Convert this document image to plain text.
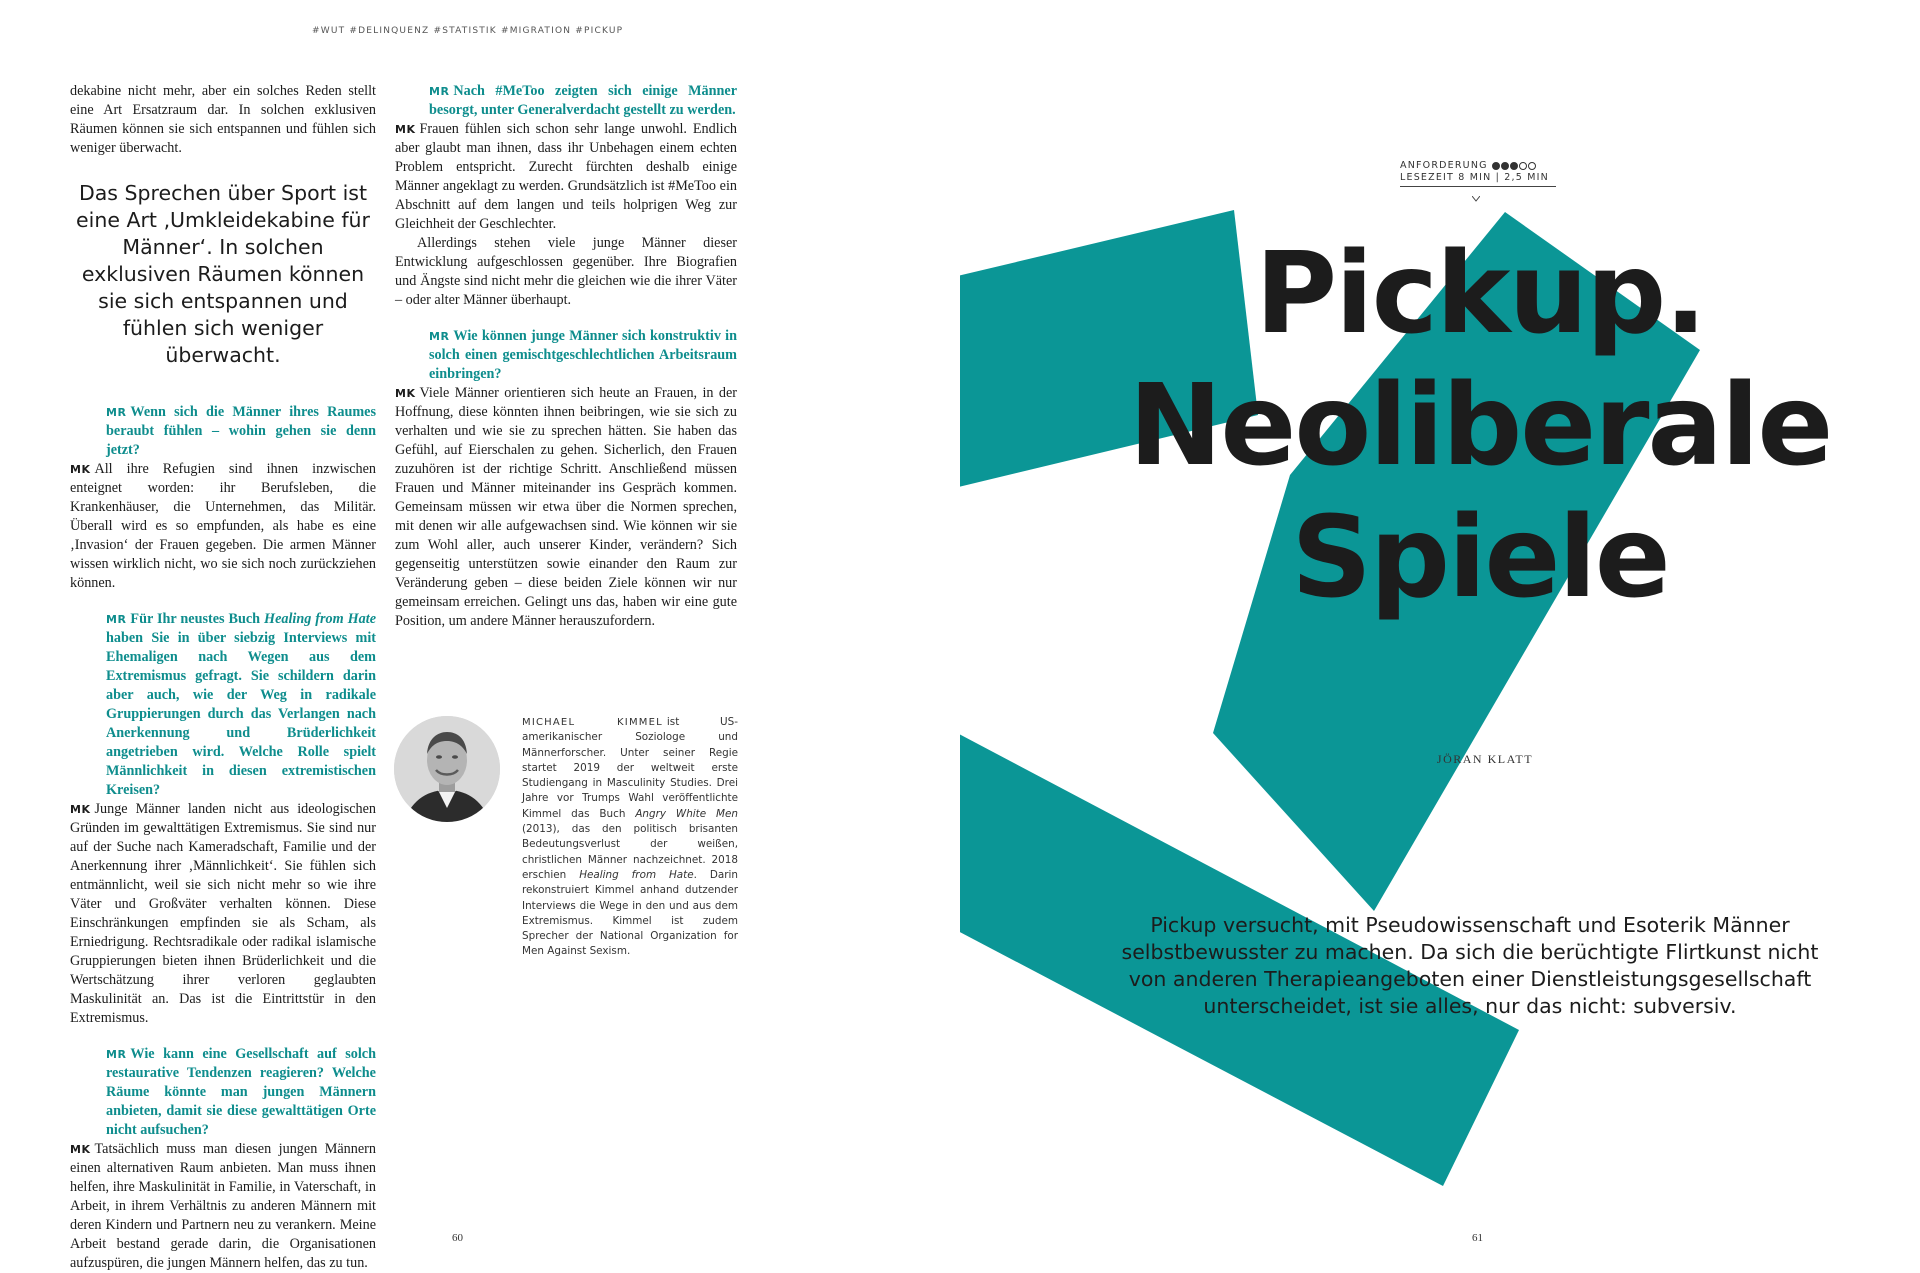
#WUT #DELINQUENZ #STATISTIK #MIGRATION #PICKUP

dekabine nicht mehr, aber ein solches Reden stellt eine Art Ersatzraum dar. In solchen exklusiven Räumen können sie sich entspannen und fühlen sich weniger überwacht.

Das Sprechen über Sport ist eine Art ‚Umkleidekabine für Männer‘. In solchen exklusiven Räumen können sie sich entspannen und fühlen sich weniger überwacht.

MR Wenn sich die Männer ihres Raumes beraubt fühlen – wohin gehen sie denn jetzt?

MK All ihre Refugien sind ihnen inzwischen enteignet worden: ihr Berufsleben, die Krankenhäuser, die Unternehmen, das Militär. Überall wird es so empfunden, als habe es eine ‚Invasion‘ der Frauen gegeben. Die armen Männer wissen wirklich nicht, wo sie sich noch zurückziehen können.

MR Für Ihr neustes Buch Healing from Hate haben Sie in über siebzig Interviews mit Ehemaligen nach Wegen aus dem Extremismus gefragt. Sie schildern darin aber auch, wie der Weg in radikale Gruppierungen durch das Verlangen nach Anerkennung und Brüderlichkeit angetrieben wird. Welche Rolle spielt Männlichkeit in diesen extremistischen Kreisen?

MK Junge Männer landen nicht aus ideologischen Gründen im gewalttätigen Extremismus. Sie sind nur auf der Suche nach Kameradschaft, Familie und der Anerkennung ihrer ‚Männlichkeit‘. Sie fühlen sich entmännlicht, weil sie sich nicht mehr so wie ihre Väter und Großväter verhalten können. Diese Einschränkungen empfinden sie als Scham, als Erniedrigung. Rechtsradikale oder radikal islamische Gruppierungen bieten ihnen Brüderlichkeit und die Wertschätzung ihrer verloren geglaubten Maskulinität an. Das ist die Eintrittstür in den Extremismus.

MR Wie kann eine Gesellschaft auf solch restaurative Tendenzen reagieren? Welche Räume könnte man jungen Männern anbieten, damit sie diese gewalttätigen Orte nicht aufsuchen?

MK Tatsächlich muss man diesen jungen Männern einen alternativen Raum anbieten. Man muss ihnen helfen, ihre Maskulinität in Familie, in Vaterschaft, in Arbeit, in ihrem Verhältnis zu anderen Männern mit deren Kindern und Partnern neu zu verankern. Meine Arbeit bestand gerade darin, die Organisationen aufzuspüren, die jungen Männern helfen, das zu tun.

MR Nach #MeToo zeigten sich einige Männer besorgt, unter Generalverdacht gestellt zu werden.

MK Frauen fühlen sich schon sehr lange unwohl. Endlich aber glaubt man ihnen, dass ihr Unbehagen einem echten Problem entspricht. Zurecht fürchten deshalb einige Männer angeklagt zu werden. Grundsätzlich ist #MeToo ein Abschnitt auf dem langen und teils holprigen Weg zur Gleichheit der Geschlechter.

Allerdings stehen viele junge Männer dieser Entwicklung aufgeschlossen gegenüber. Ihre Biografien und Ängste sind nicht mehr die gleichen wie die ihrer Väter – oder alter Männer überhaupt.

MR Wie können junge Männer sich konstruktiv in solch einen gemischtgeschlechtlichen Arbeitsraum einbringen?

MK Viele Männer orientieren sich heute an Frauen, in der Hoffnung, diese könnten ihnen beibringen, wie sie sich zu verhalten und wie sie zu sprechen hätten. Sie haben das Gefühl, auf Eierschalen zu gehen. Sicherlich, den Frauen zuzuhören ist der richtige Schritt. Anschließend müssen Frauen und Männer miteinander ins Gespräch kommen. Gemeinsam müssen wir etwa über die Normen sprechen, mit denen wir alle aufgewachsen sind. Wie können wir sie zum Wohl aller, auch unserer Kinder, verändern? Sich gegenseitig unterstützen sowie einander den Raum zur Veränderung geben – diese beiden Ziele können wir nur gemeinsam erreichen. Gelingt uns das, haben wir eine gute Position, um andere Männer herauszufordern.

MICHAEL KIMMEL ist US-amerikanischer Soziologe und Männerforscher. Unter seiner Regie startet 2019 der weltweit erste Studiengang in Masculinity Studies. Drei Jahre vor Trumps Wahl veröffentlichte Kimmel das Buch Angry White Men (2013), das den politisch brisanten Bedeutungsverlust der weißen, christlichen Männer nachzeichnet. 2018 erschien Healing from Hate. Darin rekonstruiert Kimmel anhand dutzender Interviews die Wege in den und aus dem Extremismus. Kimmel ist zudem Sprecher der National Organization for Men Against Sexism.
60
ANFORDERUNG
LESEZEIT 8 MIN | 2,5 MIN
Pickup.
Neoliberale
Spiele
JÖRAN KLATT

Pickup versucht, mit Pseudowissenschaft und Esoterik Männer selbstbewusster zu machen. Da sich die berüchtigte Flirtkunst nicht von anderen Therapieangeboten einer Dienstleistungsgesellschaft unterscheidet, ist sie alles, nur das nicht: subversiv.

61
